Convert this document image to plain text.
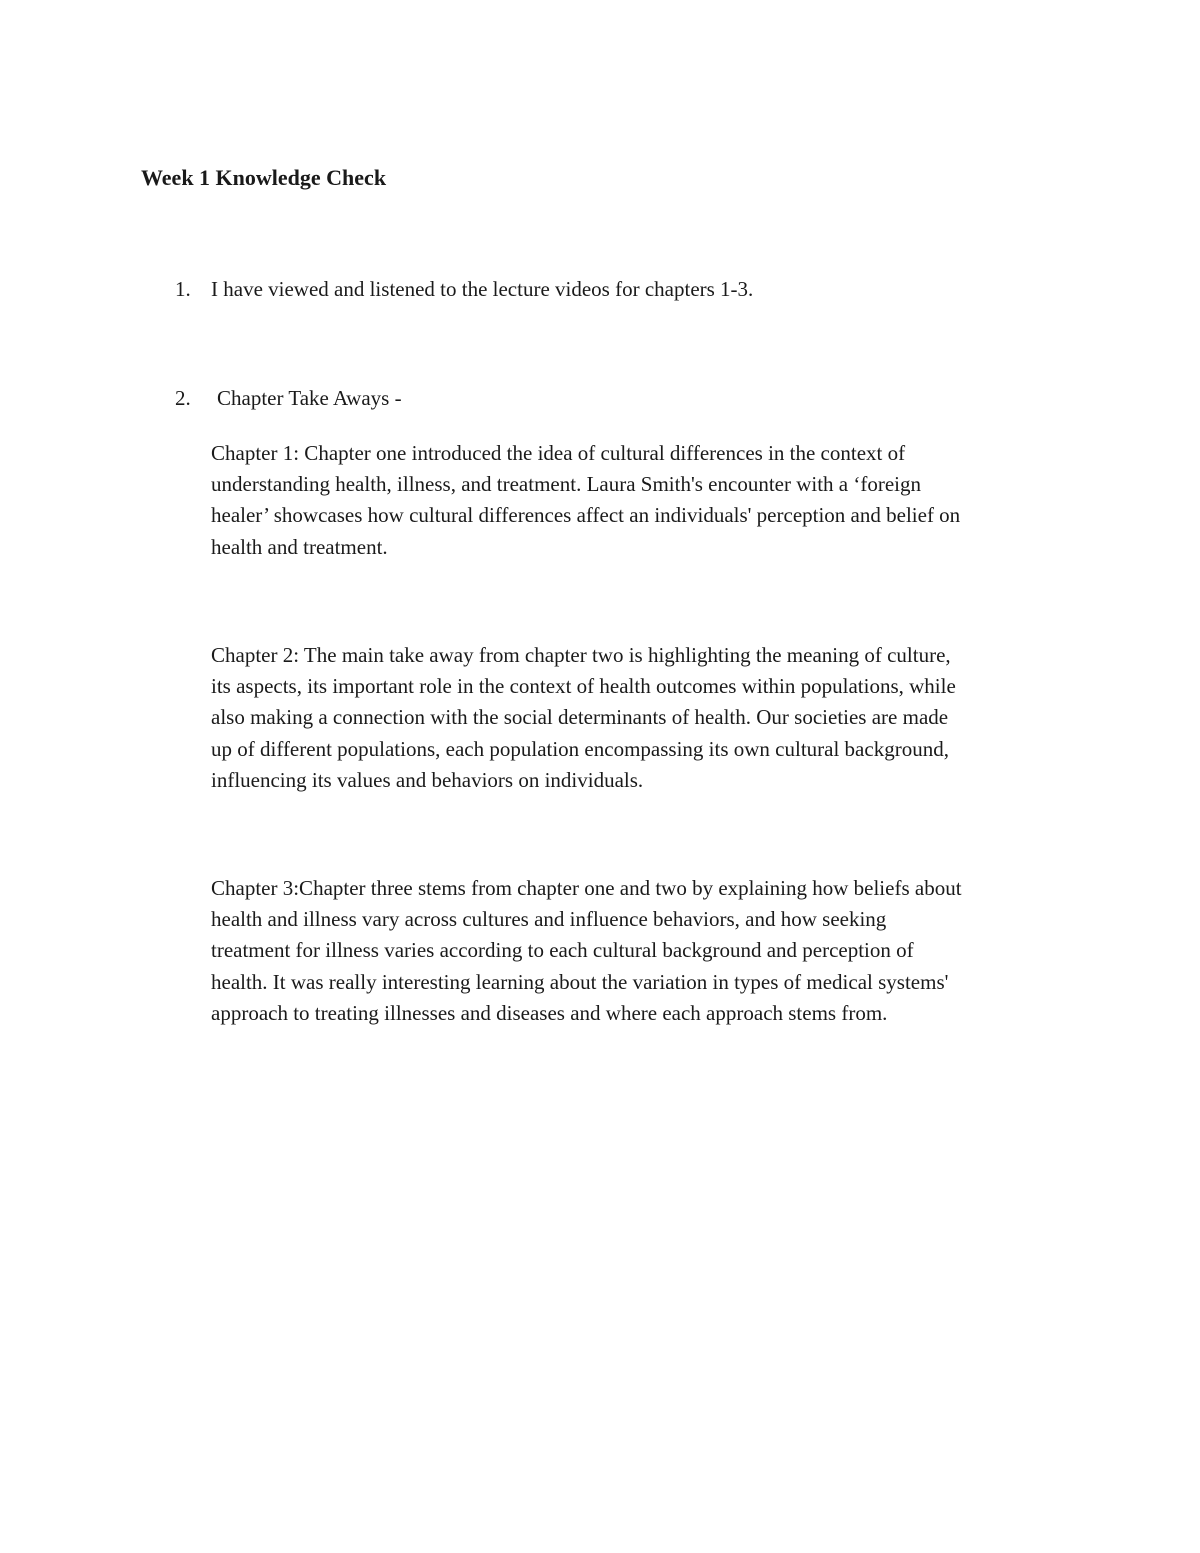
Week 1 Knowledge Check
1. I have viewed and listened to the lecture videos for chapters 1-3.
2. Chapter Take Aways -

Chapter 1: Chapter one introduced the idea of cultural differences in the context of
understanding health, illness, and treatment. Laura Smith's encounter with a ‘foreign
healer’ showcases how cultural differences affect an individuals' perception and belief on
health and treatment.

Chapter 2: The main take away from chapter two is highlighting the meaning of culture,
its aspects, its important role in the context of health outcomes within populations, while
also making a connection with the social determinants of health. Our societies are made
up of different populations, each population encompassing its own cultural background,
influencing its values and behaviors on individuals.

Chapter 3:Chapter three stems from chapter one and two by explaining how beliefs about
health and illness vary across cultures and influence behaviors, and how seeking
treatment for illness varies according to each cultural background and perception of
health. It was really interesting learning about the variation in types of medical systems'
approach to treating illnesses and diseases and where each approach stems from.
